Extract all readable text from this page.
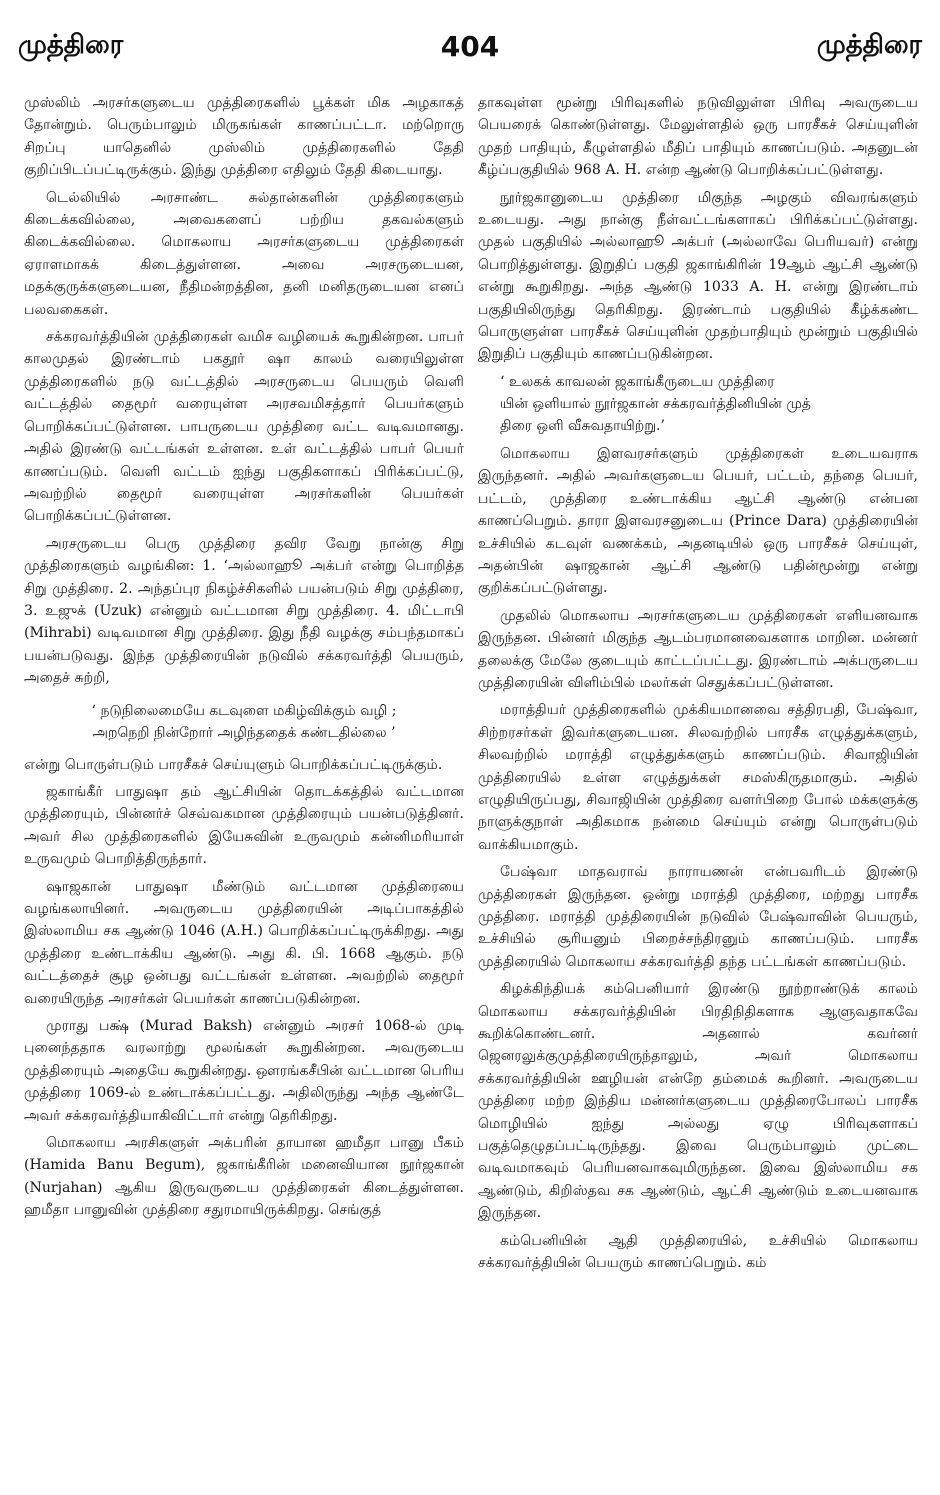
முத்திரை	404	முத்திரை

முஸ்லிம் அரசர்களுடைய முத்திரைகளில் பூக்கள் மிக அழகாகத் தோன்றும். பெரும்பாலும் மிருகங்கள் காணப்பட்டா. மற்றொரு சிறப்பு யாதெனில் முஸ்லிம் முத்திரைகளில் தேதி குறிப்பிடப்பட்டிருக்கும். இந்து முத்திரை எதிலும் தேதி கிடையாது.

டெல்லியில் அரசாண்ட சுல்தான்களின் முத்திரைகளும் கிடைக்கவில்லை, அவைகளைப் பற்றிய தகவல்களும் கிடைக்கவில்லை. மொகலாய அரசர்களுடைய முத்திரைகள் ஏராளமாகக் கிடைத்துள்ளன. அவை அரசருடையன, மதக்குருக்களுடையன, நீதிமன்றத்தின, தனி மனிதருடையன எனப் பலவகைகள்.

சக்கரவர்த்தியின் முத்திரைகள் வமிச வழியைக் கூறுகின்றன. பாபர் காலமுதல் இரண்டாம் பகதூர் ஷா காலம் வரையிலுள்ள முத்திரைகளில் நடு வட்டத்தில் அரசருடைய பெயரும் வெளி வட்டத்தில் தைமூர் வரையுள்ள அரசவமிசத்தார் பெயர்களும் பொறிக்கப்பட்டுள்ளன. பாபருடைய முத்திரை வட்ட வடிவமானது. அதில் இரண்டு வட்டங்கள் உள்ளன. உள் வட்டத்தில் பாபர் பெயர் காணப்படும். வெளி வட்டம் ஐந்து பகுதிகளாகப் பிரிக்கப்பட்டு, அவற்றில் தைமூர் வரையுள்ள அரசர்களின் பெயர்கள் பொறிக்கப்பட்டுள்ளன.

அரசருடைய பெரு முத்திரை தவிர வேறு நான்கு சிறு முத்திரைகளும் வழங்கின: 1. ‘அல்லாஹூ அக்பர் என்று பொறித்த சிறு முத்திரை. 2. அந்தப்புர நிகழ்ச்சிகளில் பயன்படும் சிறு முத்திரை, 3. உஜுக் (Uzuk) என்னும் வட்டமான சிறு முத்திரை. 4. மிட்டாபி (Mihrabi) வடிவமான சிறு முத்திரை. இது நீதி வழக்கு சம்பந்தமாகப் பயன்படுவது. இந்த முத்திரையின் நடுவில் சக்கரவர்த்தி பெயரும், அதைச் சுற்றி,

‘ நடுநிலைமையே கடவுளை மகிழ்விக்கும் வழி ;
அறநெறி நின்றோர் அழிந்ததைக் கண்டதில்லை ’

என்று பொருள்படும் பாரசீகச் செய்யுளும் பொறிக்கப்பட்டிருக்கும்.

ஜகாங்கீர் பாதுஷா தம் ஆட்சியின் தொடக்கத்தில் வட்டமான முத்திரையும், பின்னர்ச் செவ்வகமான முத்திரையும் பயன்படுத்தினர். அவர் சில முத்திரைகளில் இயேசுவின் உருவமும் கன்னிமரியாள் உருவமும் பொறித்திருந்தார்.

ஷாஜகான் பாதுஷா மீண்டும் வட்டமான முத்திரையை வழங்கலாயினர். அவருடைய முத்திரையின் அடிப்பாகத்தில் இஸ்லாமிய சக ஆண்டு 1046 (A.H.) பொறிக்கப்பட்டிருக்கிறது. அது முத்திரை உண்டாக்கிய ஆண்டு. அது கி. பி. 1668 ஆகும். நடு வட்டத்தைச் சூழ ஒன்பது வட்டங்கள் உள்ளன. அவற்றில் தைமூர் வரையிருந்த அரசர்கள் பெயர்கள் காணப்படுகின்றன.

முராது பக்ஷ் (Murad Baksh) என்னும் அரசர் 1068-ல் முடி புனைந்ததாக வரலாற்று மூலங்கள் கூறுகின்றன. அவருடைய முத்திரையும் அதையே கூறுகின்றது. ஔரங்கசீபின் வட்டமான பெரிய முத்திரை 1069-ல் உண்டாக்கப்பட்டது. அதிலிருந்து அந்த ஆண்டே அவர் சக்கரவர்த்தியாகிவிட்டார் என்று தெரிகிறது.

மொகலாய அரசிகளுள் அக்பரின் தாயான ஹமீதா பானு பீகம் (Hamida Banu Begum), ஜகாங்கீரின் மனைவியான நூர்ஜகான் (Nurjahan) ஆகிய இருவருடைய முத்திரைகள் கிடைத்துள்ளன. ஹமீதா பானுவின் முத்திரை சதுரமாயிருக்கிறது. செங்குத்

தாகவுள்ள மூன்று பிரிவுகளில் நடுவிலுள்ள பிரிவு அவருடைய பெயரைக் கொண்டுள்ளது. மேலுள்ளதில் ஒரு பாரசீகச் செய்யுளின் முதற் பாதியும், கீழுள்ளதில் மீதிப் பாதியும் காணப்படும். அதனுடன் கீழ்ப்பகுதியில் 968 A. H. என்ற ஆண்டு பொறிக்கப்பட்டுள்ளது.

நூர்ஜகானுடைய முத்திரை மிகுந்த அழகும் விவரங்களும் உடையது. அது நான்கு நீள்வட்டங்களாகப் பிரிக்கப்பட்டுள்ளது. முதல் பகுதியில் அல்லாஹூ அக்பர் (அல்லாவே பெரியவர்) என்று பொறித்துள்ளது. இறுதிப் பகுதி ஜகாங்கிரின் 19ஆம் ஆட்சி ஆண்டு என்று கூறுகிறது. அந்த ஆண்டு 1033 A. H. என்று இரண்டாம் பகுதியிலிருந்து தெரிகிறது. இரண்டாம் பகுதியில் கீழ்க்கண்ட பொருளுள்ள பாரசீகச் செய்யுளின் முதற்பாதியும் மூன்றும் பகுதியில் இறுதிப் பகுதியும் காணப்படுகின்றன.

‘ உலகக் காவலன் ஜகாங்கீருடைய முத்திரை
யின் ஒளியால் நூர்ஜகான் சக்கரவர்த்தினியின் முத்
திரை ஒளி வீசுவதாயிற்று.’

மொகலாய இளவரசர்களும் முத்திரைகள் உடையவராக இருந்தனர். அதில் அவர்களுடைய பெயர், பட்டம், தந்தை பெயர், பட்டம், முத்திரை உண்டாக்கிய ஆட்சி ஆண்டு என்பன காணப்பெறும். தாரா இளவரசனுடைய (Prince Dara) முத்திரையின் உச்சியில் கடவுள் வணக்கம், அதனடியில் ஒரு பாரசீகச் செய்யுள், அதன்பின் ஷாஜகான் ஆட்சி ஆண்டு பதின்மூன்று என்று குறிக்கப்பட்டுள்ளது.

முதலில் மொகலாய அரசர்களுடைய முத்திரைகள் எளியனவாக இருந்தன. பின்னர் மிகுந்த ஆடம்பரமானவைகளாக மாறின. மன்னர் தலைக்கு மேலே குடையும் காட்டப்பட்டது. இரண்டாம் அக்பருடைய முத்திரையின் விளிம்பில் மலர்கள் செதுக்கப்பட்டுள்ளன.

மராத்தியர் முத்திரைகளில் முக்கியமானவை சத்திரபதி, பேஷ்வா, சிற்றரசர்கள் இவர்களுடையன. சிலவற்றில் பாரசீக எழுத்துக்களும், சிலவற்றில் மராத்தி எழுத்துக்களும் காணப்படும். சிவாஜியின் முத்திரையில் உள்ள எழுத்துக்கள் சமஸ்கிருதமாகும். அதில் எழுதியிருப்பது, சிவாஜியின் முத்திரை வளர்பிறை போல் மக்களுக்கு நாளுக்குநாள் அதிகமாக நன்மை செய்யும் என்று பொருள்படும் வாக்கியமாகும்.

பேஷ்வா மாதவராவ் நாராயணன் என்பவரிடம் இரண்டு முத்திரைகள் இருந்தன. ஒன்று மராத்தி முத்திரை, மற்றது பாரசீக முத்திரை. மராத்தி முத்திரையின் நடுவில் பேஷ்வாவின் பெயரும், உச்சியில் சூரியனும் பிறைச்சந்திரனும் காணப்படும். பாரசீக முத்திரையில் மொகலாய சக்கரவர்த்தி தந்த பட்டங்கள் காணப்படும்.

கிழக்கிந்தியக் கம்பெனியார் இரண்டு நூற்றாண்டுக் காலம் மொகலாய சக்கரவர்த்தியின் பிரதிநிதிகளாக ஆளுவதாகவே கூறிக்கொண்டனர். அதனால் கவர்னர் ஜெனரலுக்குமுத்திரையிருந்தாலும், அவர் மொகலாய சக்கரவர்த்தியின் ஊழியன் என்றே தம்மைக் கூறினர். அவருடைய முத்திரை மற்ற இந்திய மன்னர்களுடைய முத்திரைபோலப் பாரசீக மொழியில் ஐந்து அல்லது ஏழு பிரிவுகளாகப் பகுத்தெழுதப்பட்டிருந்தது. இவை பெரும்பாலும் முட்டை வடிவமாகவும் பெரியனவாகவுமிருந்தன. இவை இஸ்லாமிய சக ஆண்டும், கிறிஸ்தவ சக ஆண்டும், ஆட்சி ஆண்டும் உடையனவாக இருந்தன.

கம்பெனியின் ஆதி முத்திரையில், உச்சியில் மொகலாய சக்கரவர்த்தியின் பெயரும் காணப்பெறும். கம்
